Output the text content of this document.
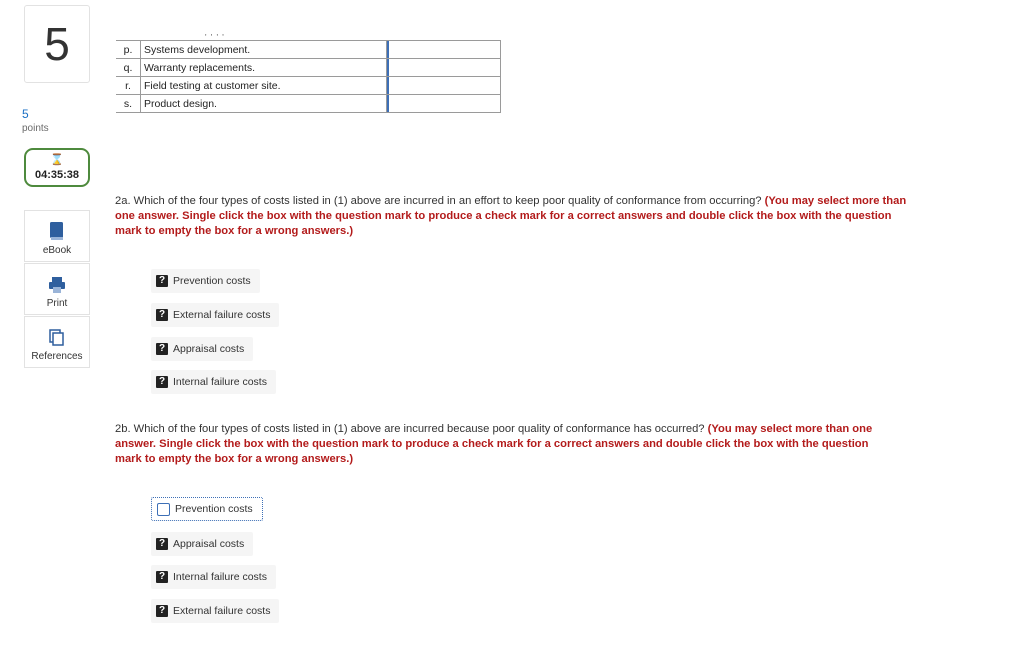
5
5
points
⌛
04:35:38
eBook
Print
References
' ' ' '
p.	Systems development.	

q.	Warranty replacements.	

r.	Field testing at customer site.	

s.	Product design.	
2a. Which of the four types of costs listed in (1) above are incurred in an effort to keep poor quality of conformance from occurring? (You may select more than one answer. Single click the box with the question mark to produce a check mark for a correct answers and double click the box with the question mark to empty the box for a wrong answers.)
? Prevention costs
? External failure costs
? Appraisal costs
? Internal failure costs
2b. Which of the four types of costs listed in (1) above are incurred because poor quality of conformance has occurred? (You may select more than one answer. Single click the box with the question mark to produce a check mark for a correct answers and double click the box with the question mark to empty the box for a wrong answers.)
Prevention costs
? Appraisal costs
? Internal failure costs
? External failure costs
